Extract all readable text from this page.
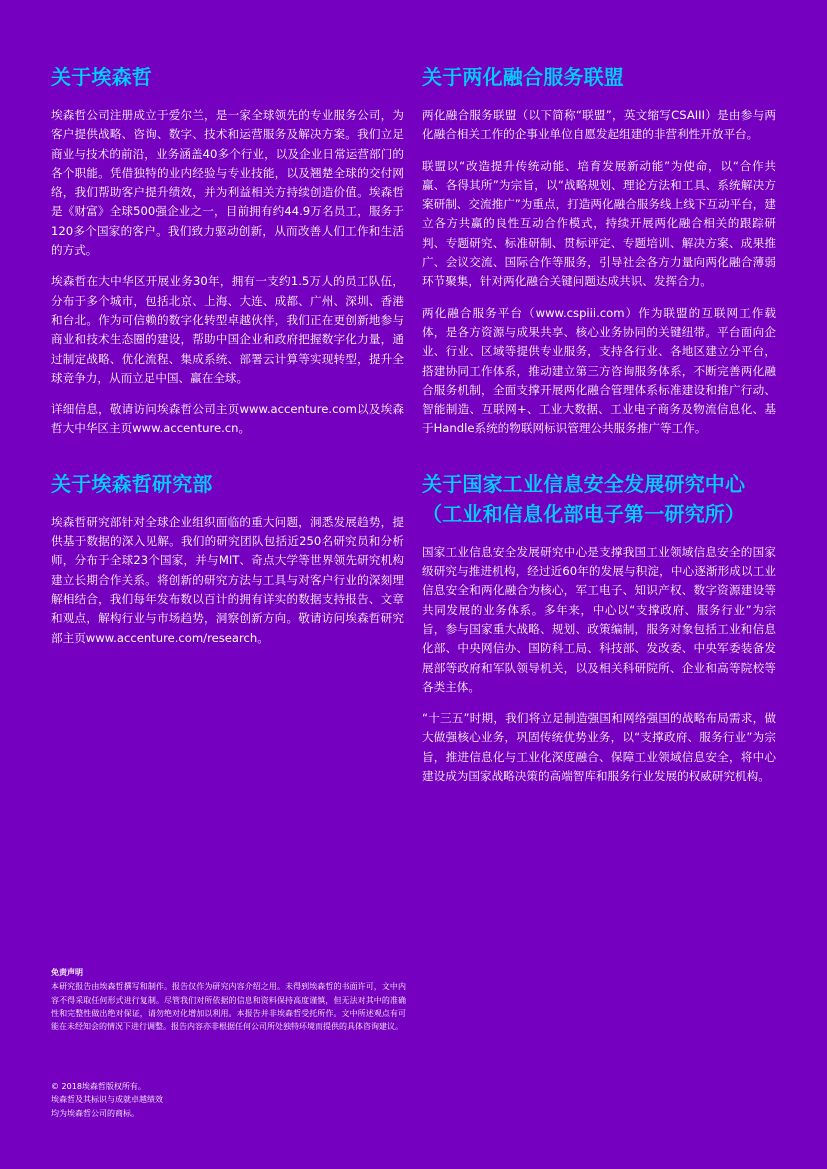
关于埃森哲

埃森哲公司注册成立于爱尔兰，是一家全球领先的专业服务公司，为客户提供战略、咨询、数字、技术和运营服务及解决方案。我们立足商业与技术的前沿，业务涵盖40多个行业，以及企业日常运营部门的各个职能。凭借独特的业内经验与专业技能，以及翘楚全球的交付网络，我们帮助客户提升绩效，并为利益相关方持续创造价值。埃森哲是《财富》全球500强企业之一，目前拥有约44.9万名员工，服务于120多个国家的客户。我们致力驱动创新，从而改善人们工作和生活的方式。

埃森哲在大中华区开展业务30年，拥有一支约1.5万人的员工队伍，分布于多个城市，包括北京、上海、大连、成都、广州、深圳、香港和台北。作为可信赖的数字化转型卓越伙伴，我们正在更创新地参与商业和技术生态圈的建设，帮助中国企业和政府把握数字化力量，通过制定战略、优化流程、集成系统、部署云计算等实现转型，提升全球竞争力，从而立足中国、赢在全球。

详细信息，敬请访问埃森哲公司主页www.accenture.com以及埃森哲大中华区主页www.accenture.cn。

关于埃森哲研究部

埃森哲研究部针对全球企业组织面临的重大问题，洞悉发展趋势，提供基于数据的深入见解。我们的研究团队包括近250名研究员和分析师，分布于全球23个国家，并与MIT、奇点大学等世界领先研究机构建立长期合作关系。将创新的研究方法与工具与对客户行业的深刻理解相结合，我们每年发布数以百计的拥有详实的数据支持报告、文章和观点，解构行业与市场趋势，洞察创新方向。敬请访问埃森哲研究部主页www.accenture.com/research。

关于两化融合服务联盟

两化融合服务联盟（以下简称“联盟”，英文缩写CSAIII）是由参与两化融合相关工作的企事业单位自愿发起组建的非营利性开放平台。

联盟以“改造提升传统动能、培育发展新动能”为使命，以“合作共赢、各得其所”为宗旨，以“战略规划、理论方法和工具、系统解决方案研制、交流推广”为重点，打造两化融合服务线上线下互动平台，建立各方共赢的良性互动合作模式，持续开展两化融合相关的跟踪研判、专题研究、标准研制、贯标评定、专题培训、解决方案、成果推广、会议交流、国际合作等服务，引导社会各方力量向两化融合薄弱环节聚集，针对两化融合关键问题达成共识、发挥合力。

两化融合服务平台（www.cspiii.com）作为联盟的互联网工作载体，是各方资源与成果共享、核心业务协同的关键纽带。平台面向企业、行业、区域等提供专业服务，支持各行业、各地区建立分平台，搭建协同工作体系，推动建立第三方咨询服务体系，不断完善两化融合服务机制，全面支撑开展两化融合管理体系标准建设和推广行动、智能制造、互联网+、工业大数据、工业电子商务及物流信息化、基于Handle系统的物联网标识管理公共服务推广等工作。

关于国家工业信息安全发展研究中心（工业和信息化部电子第一研究所）

国家工业信息安全发展研究中心是支撑我国工业领域信息安全的国家级研究与推进机构，经过近60年的发展与积淀，中心逐渐形成以工业信息安全和两化融合为核心，军工电子、知识产权、数字资源建设等共同发展的业务体系。多年来，中心以“支撑政府、服务行业”为宗旨，参与国家重大战略、规划、政策编制，服务对象包括工业和信息化部、中央网信办、国防科工局、科技部、发改委、中央军委装备发展部等政府和军队领导机关，以及相关科研院所、企业和高等院校等各类主体。

“十三五”时期，我们将立足制造强国和网络强国的战略布局需求，做大做强核心业务，巩固传统优势业务，以“支撑政府、服务行业”为宗旨，推进信息化与工业化深度融合、保障工业领域信息安全，将中心建设成为国家战略决策的高端智库和服务行业发展的权威研究机构。

免责声明
本研究报告由埃森哲撰写和制作。报告仅作为研究内容介绍之用。未得到埃森哲的书面许可，文中内容不得采取任何形式进行复制。尽管我们对所依据的信息和资料保持高度谨慎，但无法对其中的准确性和完整性做出绝对保证，请勿绝对化增加以利用。本报告并非埃森哲受托所作。文中所述观点有可能在未经知会的情况下进行调整。报告内容亦非根据任何公司所处独特环境而提供的具体咨询建议。
© 2018埃森哲版权所有。
埃森哲及其标识与成就卓越绩效
均为埃森哲公司的商标。
